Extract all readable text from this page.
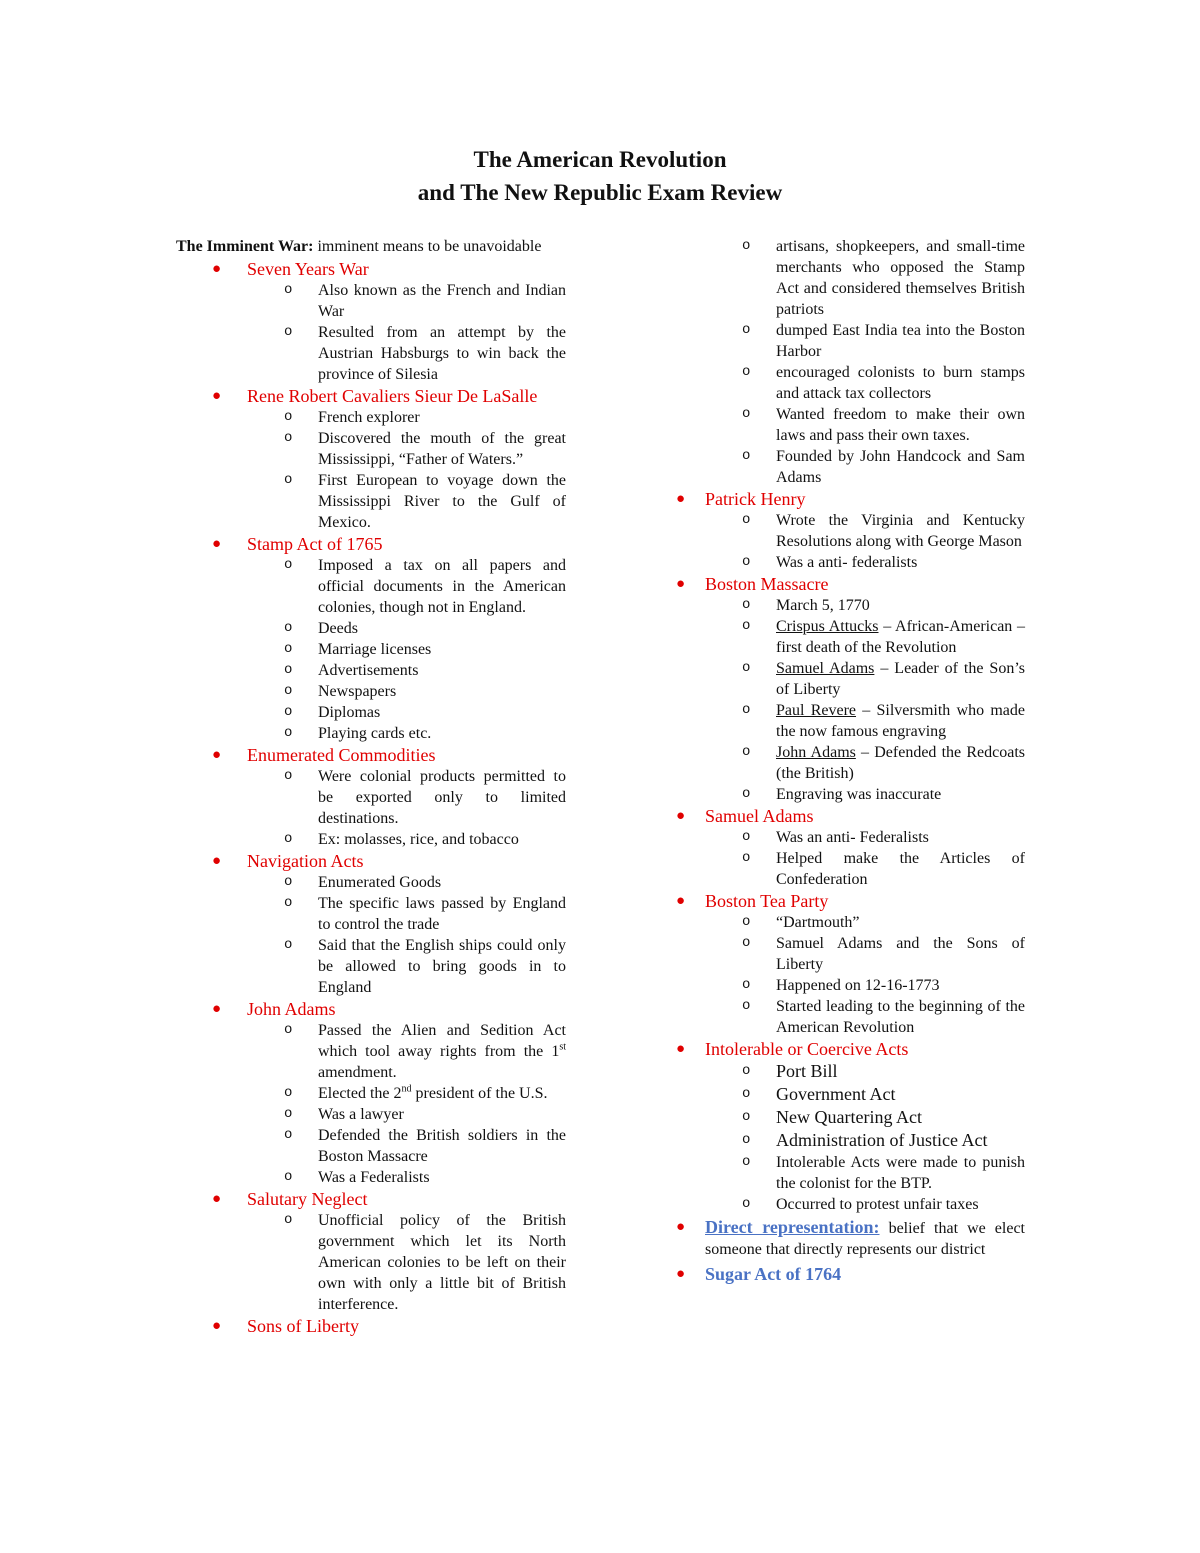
The American Revolution
and The New Republic Exam Review

The Imminent War: imminent means to be unavoidable

● Seven Years War
o Also known as the French and Indian War
o Resulted from an attempt by the Austrian Habsburgs to win back the province of Silesia
● Rene Robert Cavaliers Sieur De LaSalle
o French explorer
o Discovered the mouth of the great Mississippi, “Father of Waters.”
o First European to voyage down the Mississippi River to the Gulf of Mexico.
● Stamp Act of 1765
o Imposed a tax on all papers and official documents in the American colonies, though not in England.
o Deeds
o Marriage licenses
o Advertisements
o Newspapers
o Diplomas
o Playing cards etc.
● Enumerated Commodities
o Were colonial products permitted to be exported only to limited destinations.
o Ex: molasses, rice, and tobacco
● Navigation Acts
o Enumerated Goods
o The specific laws passed by England to control the trade
o Said that the English ships could only be allowed to bring goods in to England
● John Adams
o Passed the Alien and Sedition Act which tool away rights from the 1st amendment.
o Elected the 2nd president of the U.S.
o Was a lawyer
o Defended the British soldiers in the Boston Massacre
o Was a Federalists
● Salutary Neglect
o Unofficial policy of the British government which let its North American colonies to be left on their own with only a little bit of British interference.
● Sons of Liberty
o artisans, shopkeepers, and small-time merchants who opposed the Stamp Act and considered themselves British patriots
o dumped East India tea into the Boston Harbor
o encouraged colonists to burn stamps and attack tax collectors
o Wanted freedom to make their own laws and pass their own taxes.
o Founded by John Handcock and Sam Adams
● Patrick Henry
o Wrote the Virginia and Kentucky Resolutions along with George Mason
o Was a anti- federalists
● Boston Massacre
o March 5, 1770
o Crispus Attucks – African-American – first death of the Revolution
o Samuel Adams – Leader of the Son’s of Liberty
o Paul Revere – Silversmith who made the now famous engraving
o John Adams – Defended the Redcoats (the British)
o Engraving was inaccurate
● Samuel Adams
o Was an anti- Federalists
o Helped make the Articles of Confederation
● Boston Tea Party
o “Dartmouth”
o Samuel Adams and the Sons of Liberty
o Happened on 12-16-1773
o Started leading to the beginning of the American Revolution
● Intolerable or Coercive Acts
o Port Bill
o Government Act
o New Quartering Act
o Administration of Justice Act
o Intolerable Acts were made to punish the colonist for the BTP.
o Occurred to protest unfair taxes
● Direct representation: belief that we elect someone that directly represents our district
● Sugar Act of 1764
